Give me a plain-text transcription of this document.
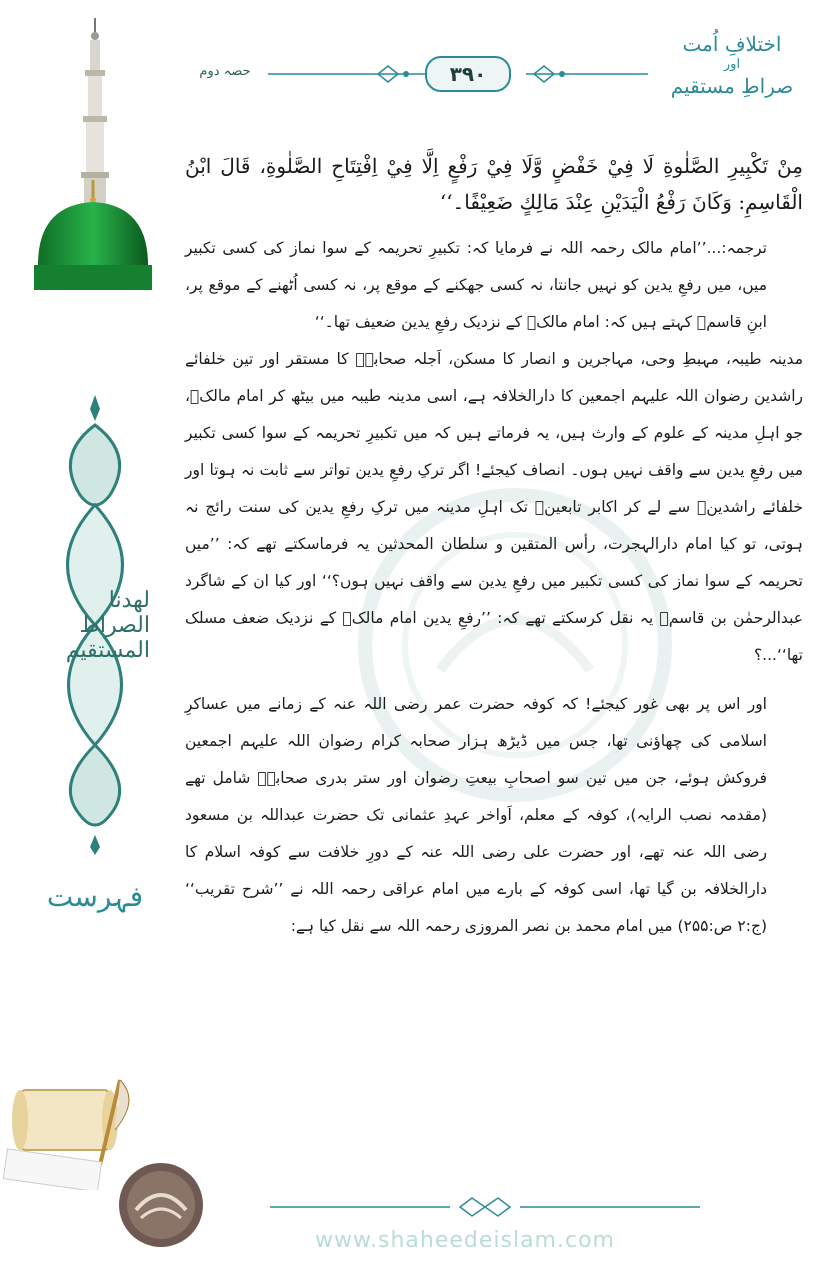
لھدنا الصراط المستقیم
فہرست
اختلافِ اُمت
اور
صراطِ مستقیم
حصہ دوم	۳۹۰

مِنْ تَكْبِيرِ الصَّلٰوةِ لَا فِيْ خَفْضٍ وَّلَا فِيْ رَفْعٍ اِلَّا فِيْ اِفْتِتَاحِ الصَّلٰوةِ، قَالَ ابْنُ الْقَاسِمِ: وَكَانَ رَفْعُ الْيَدَيْنِ عِنْدَ مَالِكٍ ضَعِيْفًا۔‘‘

ترجمہ:...’’امام مالک رحمہ اللہ نے فرمایا کہ: تکبیرِ تحریمہ کے سوا نماز کی کسی تکبیر میں، میں رفعِ یدین کو نہیں جانتا، نہ کسی جھکنے کے موقع پر، نہ کسی اُٹھنے کے موقع پر، ابنِ قاسمؒ کہتے ہیں کہ: امام مالکؒ کے نزدیک رفعِ یدین ضعیف تھا۔‘‘

مدینہ طیبہ، مہبطِ وحی، مہاجرین و انصار کا مسکن، اَجلہ صحابہؓ کا مستقر اور تین خلفائے راشدین رضوان اللہ علیہم اجمعین کا دارالخلافہ ہے، اسی مدینہ طیبہ میں بیٹھ کر امام مالکؒ، جو اہلِ مدینہ کے علوم کے وارث ہیں، یہ فرماتے ہیں کہ میں تکبیرِ تحریمہ کے سوا کسی تکبیر میں رفعِ یدین سے واقف نہیں ہوں۔ انصاف کیجئے! اگر ترکِ رفعِ یدین تواتر سے ثابت نہ ہوتا اور خلفائے راشدینؓ سے لے کر اکابر تابعینؒ تک اہلِ مدینہ میں ترکِ رفعِ یدین کی سنت رائج نہ ہوتی، تو کیا امام دارالہجرت، رأس المتقین و سلطان المحدثین یہ فرماسکتے تھے کہ: ’’میں تحریمہ کے سوا نماز کی کسی تکبیر میں رفعِ یدین سے واقف نہیں ہوں؟‘‘ اور کیا ان کے شاگرد عبدالرحمٰن بن قاسمؒ یہ نقل کرسکتے تھے کہ: ’’رفعِ یدین امام مالکؒ کے نزدیک ضعف مسلک تھا‘‘...؟

اور اس پر بھی غور کیجئے! کہ کوفہ حضرت عمر رضی اللہ عنہ کے زمانے میں عساکرِ اسلامی کی چھاؤنی تھا، جس میں ڈیڑھ ہزار صحابہ کرام رضوان اللہ علیہم اجمعین فروکش ہوئے، جن میں تین سو اصحابِ بیعتِ رضوان اور ستر بدری صحابہؓ شامل تھے (مقدمہ نصب الرایہ)، کوفہ کے معلم، اَواخر عہدِ عثمانی تک حضرت عبداللہ بن مسعود رضی اللہ عنہ تھے، اور حضرت علی رضی اللہ عنہ کے دورِ خلافت سے کوفہ اسلام کا دارالخلافہ بن گیا تھا، اسی کوفہ کے بارے میں امام عراقی رحمہ اللہ نے ’’شرح تقریب‘‘ (ج:۲ ص:۲۵۵) میں امام محمد بن نصر المروزی رحمہ اللہ سے نقل کیا ہے:

www.shaheedeislam.com
